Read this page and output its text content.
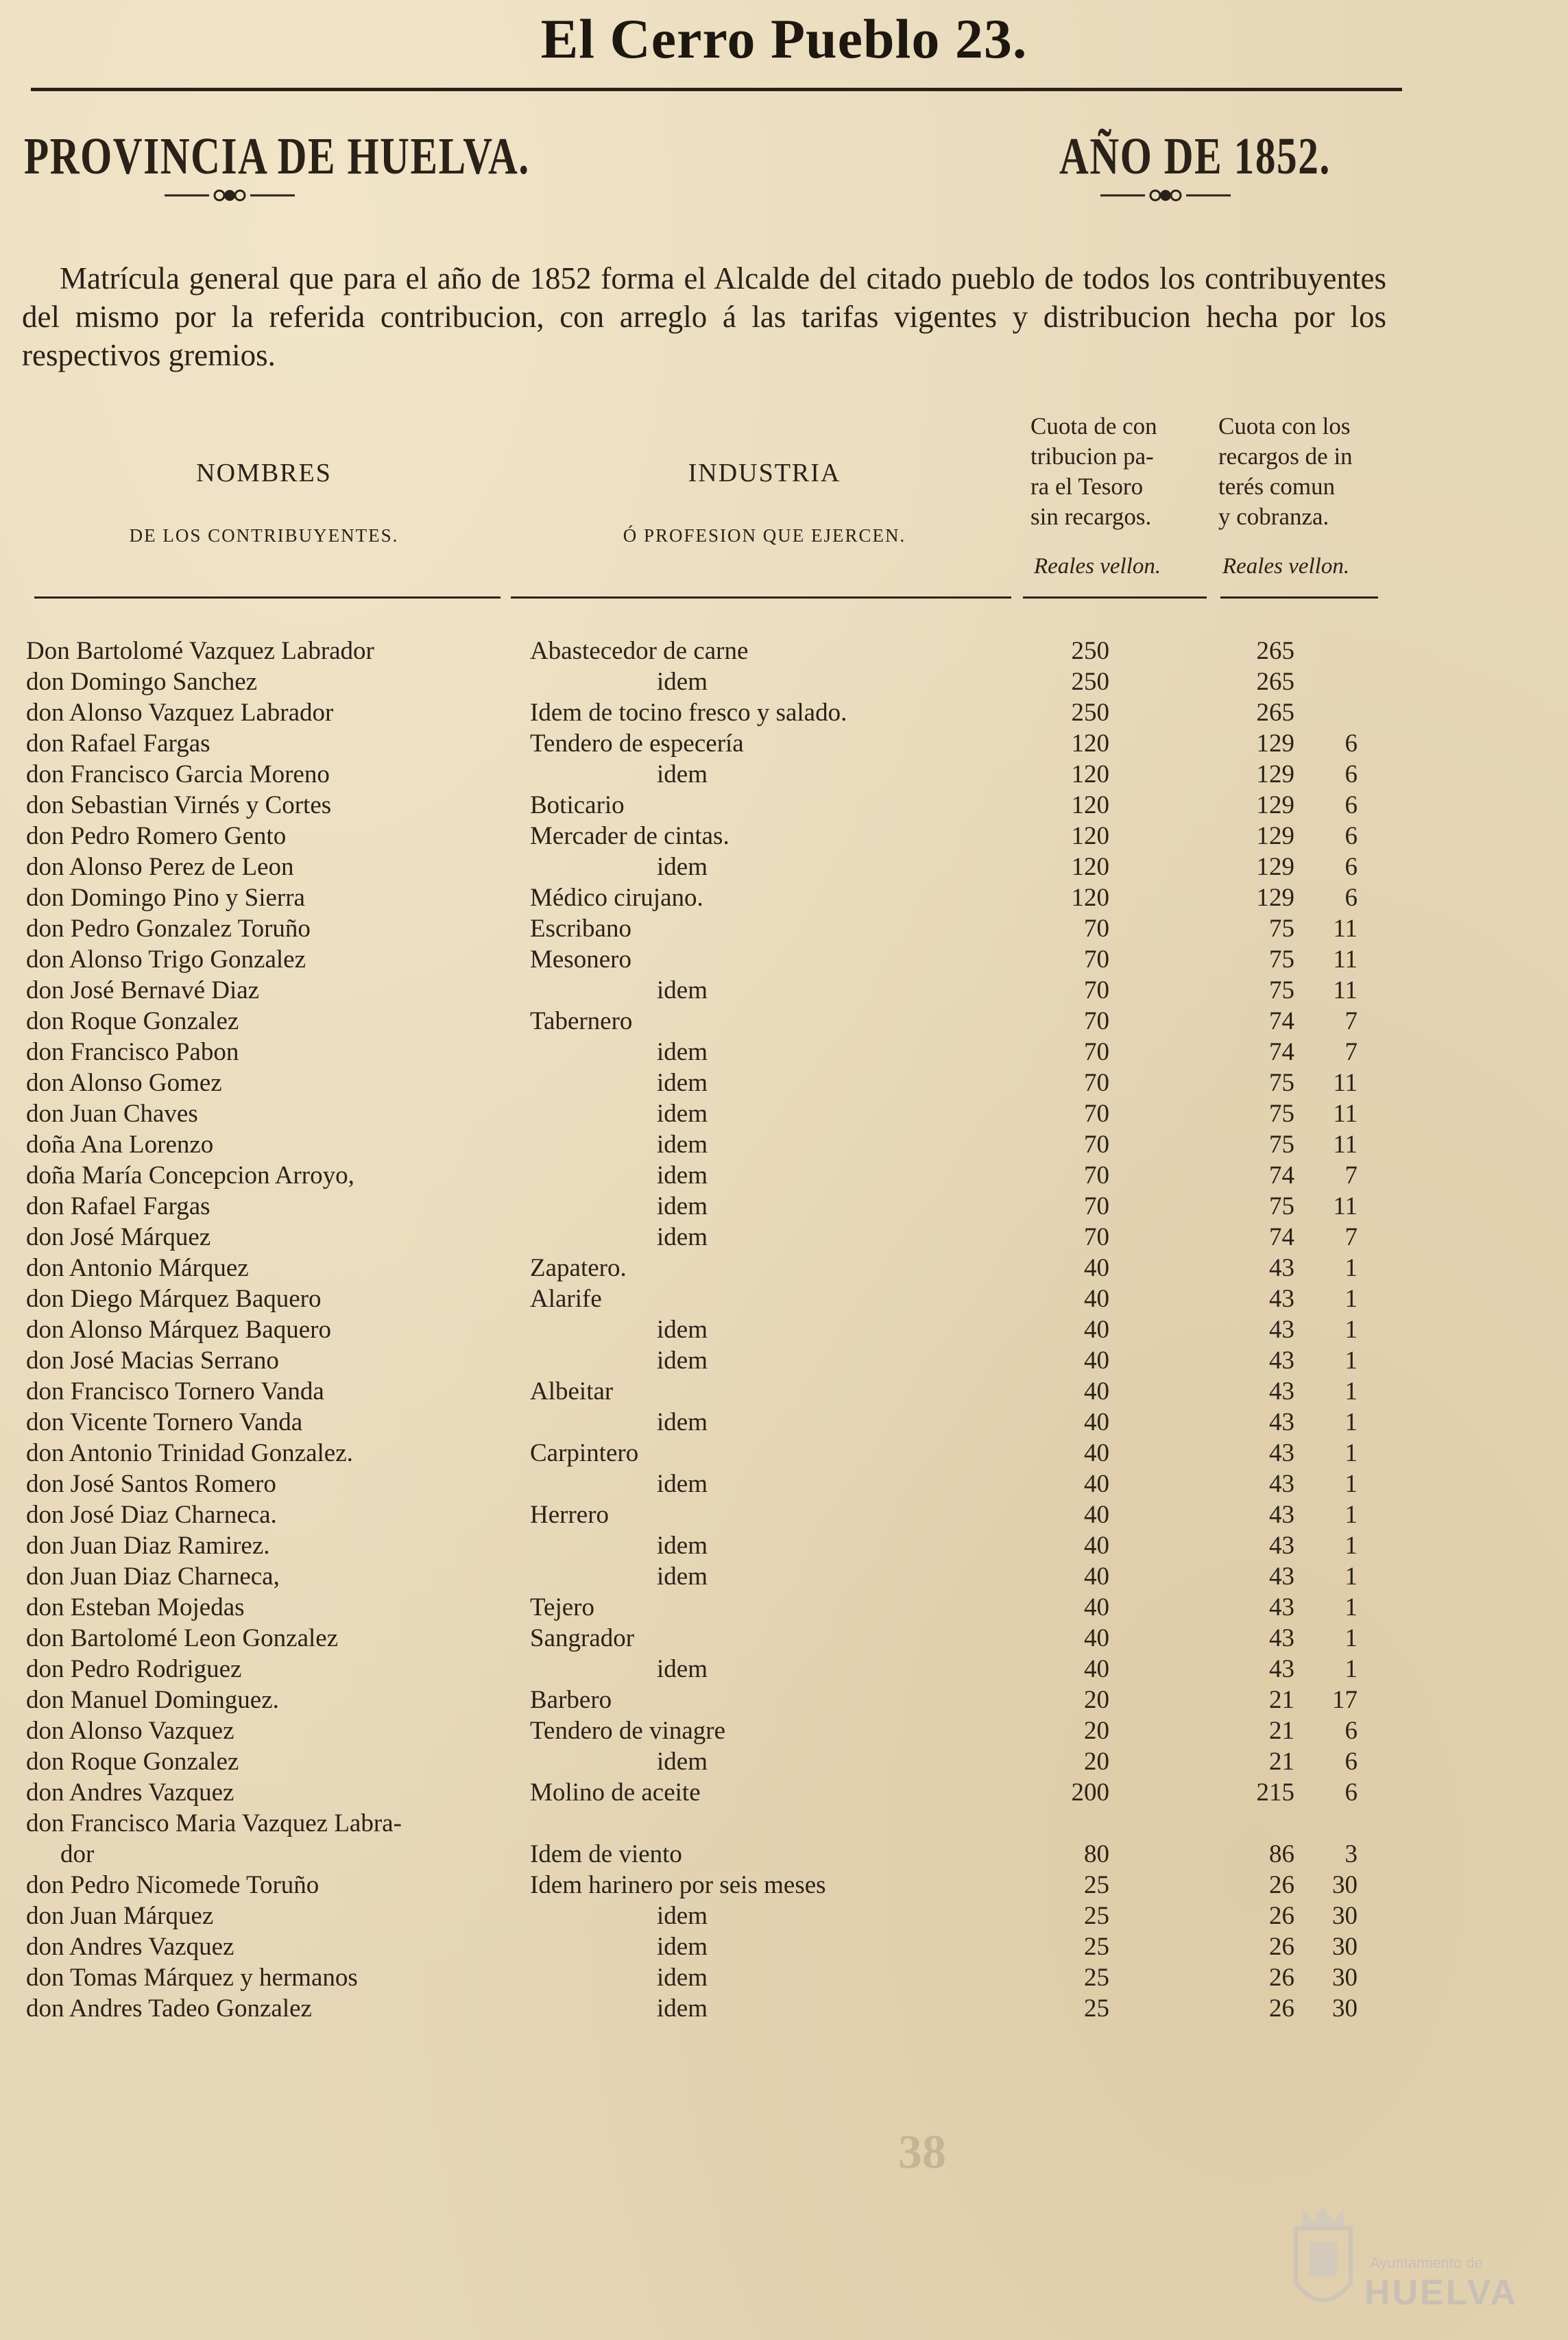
El Cerro Pueblo 23.
PROVINCIA DE HUELVA.	AÑO DE 1852.
Matrícula general que para el año de 1852 forma el Alcalde del citado pueblo de todos los contribuyentes del mismo por la referida contribucion, con arreglo á las tarifas vigentes y distribucion hecha por los respectivos gremios.
NOMBRES
DE LOS CONTRIBUYENTES.
INDUSTRIA
Ó PROFESION QUE EJERCEN.
Cuota de con
tribucion pa-
ra el Tesoro
sin recargos.
Reales vellon.
Cuota con los
recargos de in
terés comun
y cobranza.
Reales vellon.
Don Bartolomé Vazquez Labrador	Abastecedor de carne	250	265
don Domingo Sanchez	idem	250	265
don Alonso Vazquez Labrador	Idem de tocino fresco y salado.	250	265
don Rafael Fargas	Tendero de especería	120	129	6
don Francisco Garcia Moreno	idem	120	129	6
don Sebastian Virnés y Cortes	Boticario	120	129	6
don Pedro Romero Gento	Mercader de cintas.	120	129	6
don Alonso Perez de Leon	idem	120	129	6
don Domingo Pino y Sierra	Médico cirujano.	120	129	6
don Pedro Gonzalez Toruño	Escribano	70	75	11
don Alonso Trigo Gonzalez	Mesonero	70	75	11
don José Bernavé Diaz	idem	70	75	11
don Roque Gonzalez	Tabernero	70	74	7
don Francisco Pabon	idem	70	74	7
don Alonso Gomez	idem	70	75	11
don Juan Chaves	idem	70	75	11
doña Ana Lorenzo	idem	70	75	11
doña María Concepcion Arroyo,	idem	70	74	7
don Rafael Fargas	idem	70	75	11
don José Márquez	idem	70	74	7
don Antonio Márquez	Zapatero.	40	43	1
don Diego Márquez Baquero	Alarife	40	43	1
don Alonso Márquez Baquero	idem	40	43	1
don José Macias Serrano	idem	40	43	1
don Francisco Tornero Vanda	Albeitar	40	43	1
don Vicente Tornero Vanda	idem	40	43	1
don Antonio Trinidad Gonzalez.	Carpintero	40	43	1
don José Santos Romero	idem	40	43	1
don José Diaz Charneca.	Herrero	40	43	1
don Juan Diaz Ramirez.	idem	40	43	1
don Juan Diaz Charneca,	idem	40	43	1
don Esteban Mojedas	Tejero	40	43	1
don Bartolomé Leon Gonzalez	Sangrador	40	43	1
don Pedro Rodriguez	idem	40	43	1
don Manuel Dominguez.	Barbero	20	21	17
don Alonso Vazquez	Tendero de vinagre	20	21	6
don Roque Gonzalez	idem	20	21	6
don Andres Vazquez	Molino de aceite	200	215	6
don Francisco Maria Vazquez Labra-
dor	Idem de viento	80	86	3
don Pedro Nicomede Toruño	Idem harinero por seis meses	25	26	30
don Juan Márquez	idem	25	26	30
don Andres Vazquez	idem	25	26	30
don Tomas Márquez y hermanos	idem	25	26	30
don Andres Tadeo Gonzalez	idem	25	26	30
38
Ayuntamiento de
HUELVA
